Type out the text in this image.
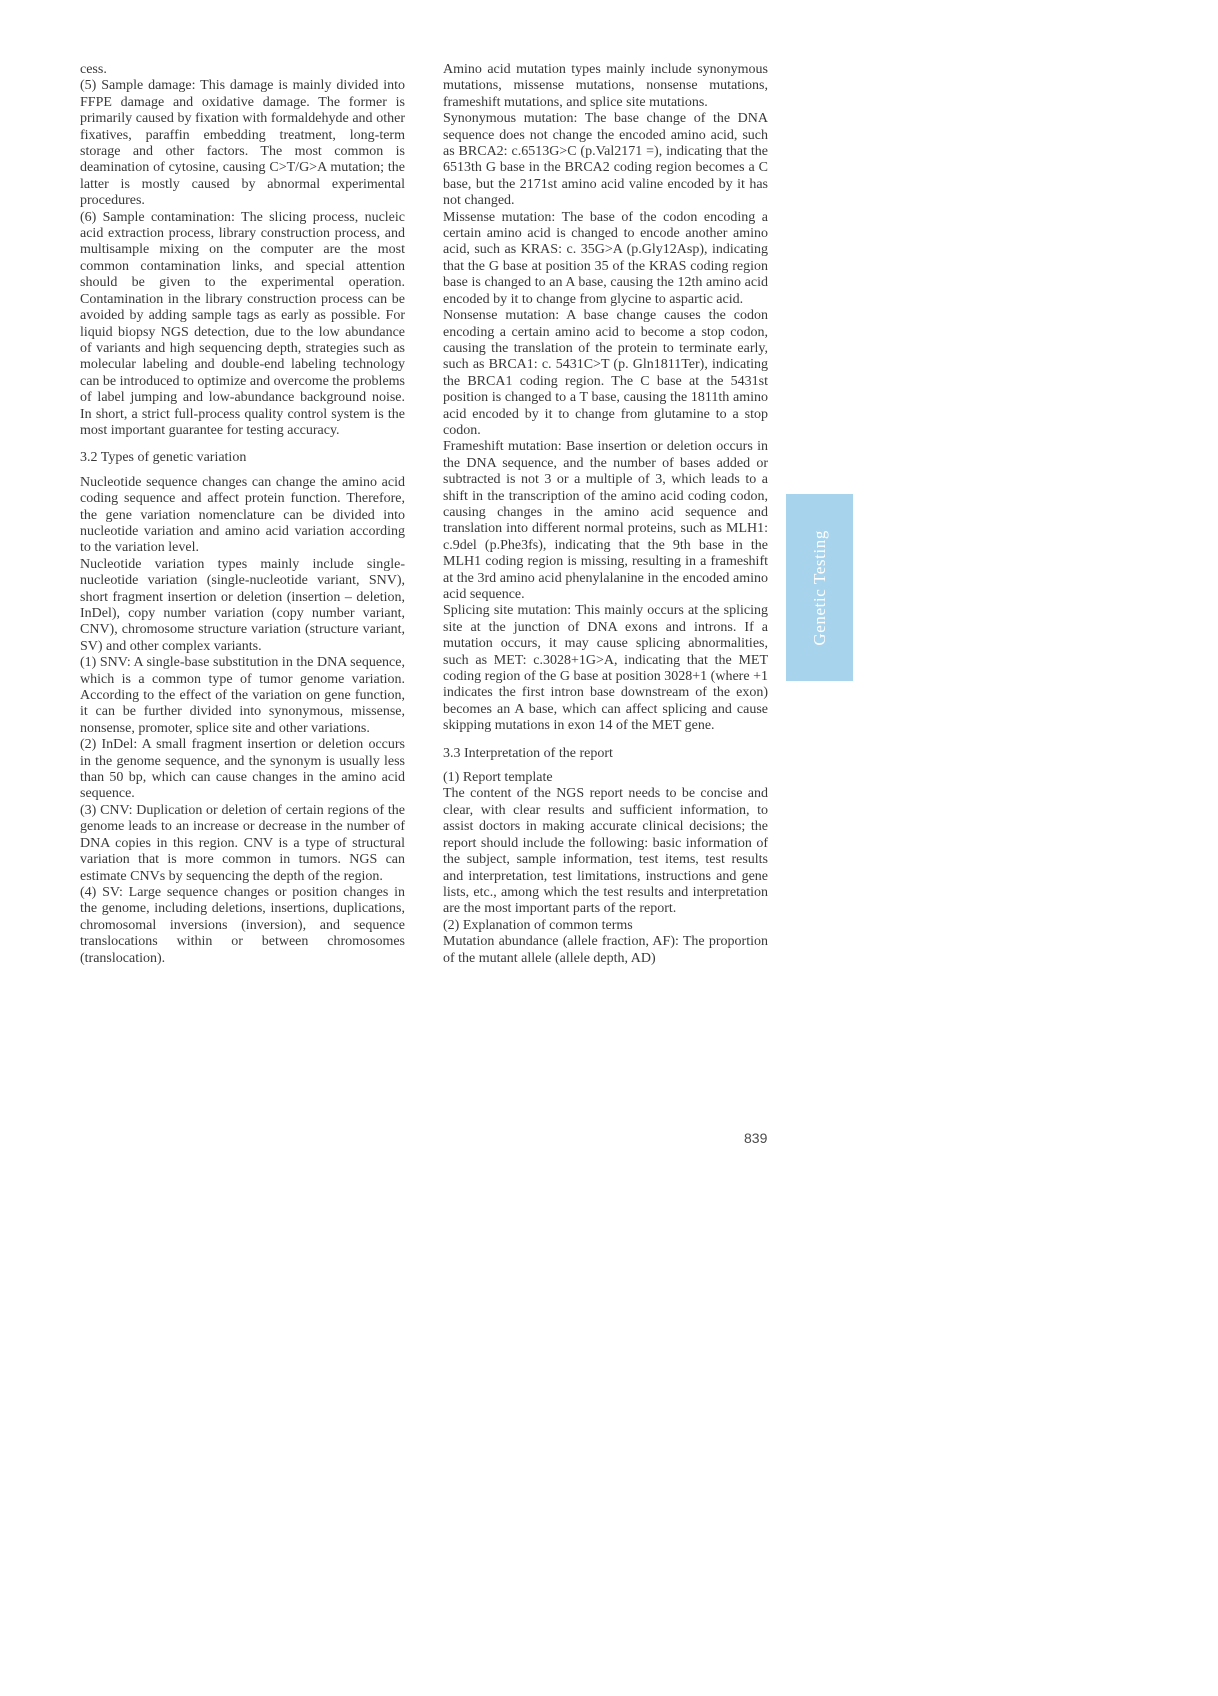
cess.

(5) Sample damage: This damage is mainly divided into FFPE damage and oxidative damage. The former is primarily caused by fixation with formaldehyde and other fixatives, paraffin embedding treatment, long-term storage and other factors. The most common is deamination of cytosine, causing C>T/G>A mutation; the latter is mostly caused by abnormal experimental procedures.

(6) Sample contamination: The slicing process, nucleic acid extraction process, library construction process, and multisample mixing on the computer are the most common contamination links, and special attention should be given to the experimental operation. Contamination in the library construction process can be avoided by adding sample tags as early as possible. For liquid biopsy NGS detection, due to the low abundance of variants and high sequencing depth, strategies such as molecular labeling and double-end labeling technology can be introduced to optimize and overcome the problems of label jumping and low-abundance background noise. In short, a strict full-process quality control system is the most important guarantee for testing accuracy.

3.2 Types of genetic variation

Nucleotide sequence changes can change the amino acid coding sequence and affect protein function. Therefore, the gene variation nomenclature can be divided into nucleotide variation and amino acid variation according to the variation level.

Nucleotide variation types mainly include single-nucleotide variation (single-nucleotide variant, SNV), short fragment insertion or deletion (insertion – deletion, InDel), copy number variation (copy number variant, CNV), chromosome structure variation (structure variant, SV) and other complex variants.

(1) SNV: A single-base substitution in the DNA sequence, which is a common type of tumor genome variation. According to the effect of the variation on gene function, it can be further divided into synonymous, missense, nonsense, promoter, splice site and other variations.

(2) InDel: A small fragment insertion or deletion occurs in the genome sequence, and the synonym is usually less than 50 bp, which can cause changes in the amino acid sequence.

(3) CNV: Duplication or deletion of certain regions of the genome leads to an increase or decrease in the number of DNA copies in this region. CNV is a type of structural variation that is more common in tumors. NGS can estimate CNVs by sequencing the depth of the region.

(4) SV: Large sequence changes or position changes in the genome, including deletions, insertions, duplications, chromosomal inversions (inversion), and sequence translocations within or between chromosomes (translocation).

Amino acid mutation types mainly include synonymous mutations, missense mutations, nonsense mutations, frameshift mutations, and splice site mutations.

Synonymous mutation: The base change of the DNA sequence does not change the encoded amino acid, such as BRCA2: c.6513G>C (p.Val2171 =), indicating that the 6513th G base in the BRCA2 coding region becomes a C base, but the 2171st amino acid valine encoded by it has not changed.

Missense mutation: The base of the codon encoding a certain amino acid is changed to encode another amino acid, such as KRAS: c. 35G>A (p.Gly12Asp), indicating that the G base at position 35 of the KRAS coding region base is changed to an A base, causing the 12th amino acid encoded by it to change from glycine to aspartic acid.

Nonsense mutation: A base change causes the codon encoding a certain amino acid to become a stop codon, causing the translation of the protein to terminate early, such as BRCA1: c. 5431C>T (p. Gln1811Ter), indicating the BRCA1 coding region. The C base at the 5431st position is changed to a T base, causing the 1811th amino acid encoded by it to change from glutamine to a stop codon.

Frameshift mutation: Base insertion or deletion occurs in the DNA sequence, and the number of bases added or subtracted is not 3 or a multiple of 3, which leads to a shift in the transcription of the amino acid coding codon, causing changes in the amino acid sequence and translation into different normal proteins, such as MLH1: c.9del (p.Phe3fs), indicating that the 9th base in the MLH1 coding region is missing, resulting in a frameshift at the 3rd amino acid phenylalanine in the encoded amino acid sequence.

Splicing site mutation: This mainly occurs at the splicing site at the junction of DNA exons and introns. If a mutation occurs, it may cause splicing abnormalities, such as MET: c.3028+1G>A, indicating that the MET coding region of the G base at position 3028+1 (where +1 indicates the first intron base downstream of the exon) becomes an A base, which can affect splicing and cause skipping mutations in exon 14 of the MET gene.

3.3 Interpretation of the report

(1) Report template

The content of the NGS report needs to be concise and clear, with clear results and sufficient information, to assist doctors in making accurate clinical decisions; the report should include the following: basic information of the subject, sample information, test items, test results and interpretation, test limitations, instructions and gene lists, etc., among which the test results and interpretation are the most important parts of the report.

(2) Explanation of common terms

Mutation abundance (allele fraction, AF): The proportion of the mutant allele (allele depth, AD)

Genetic Testing
839
